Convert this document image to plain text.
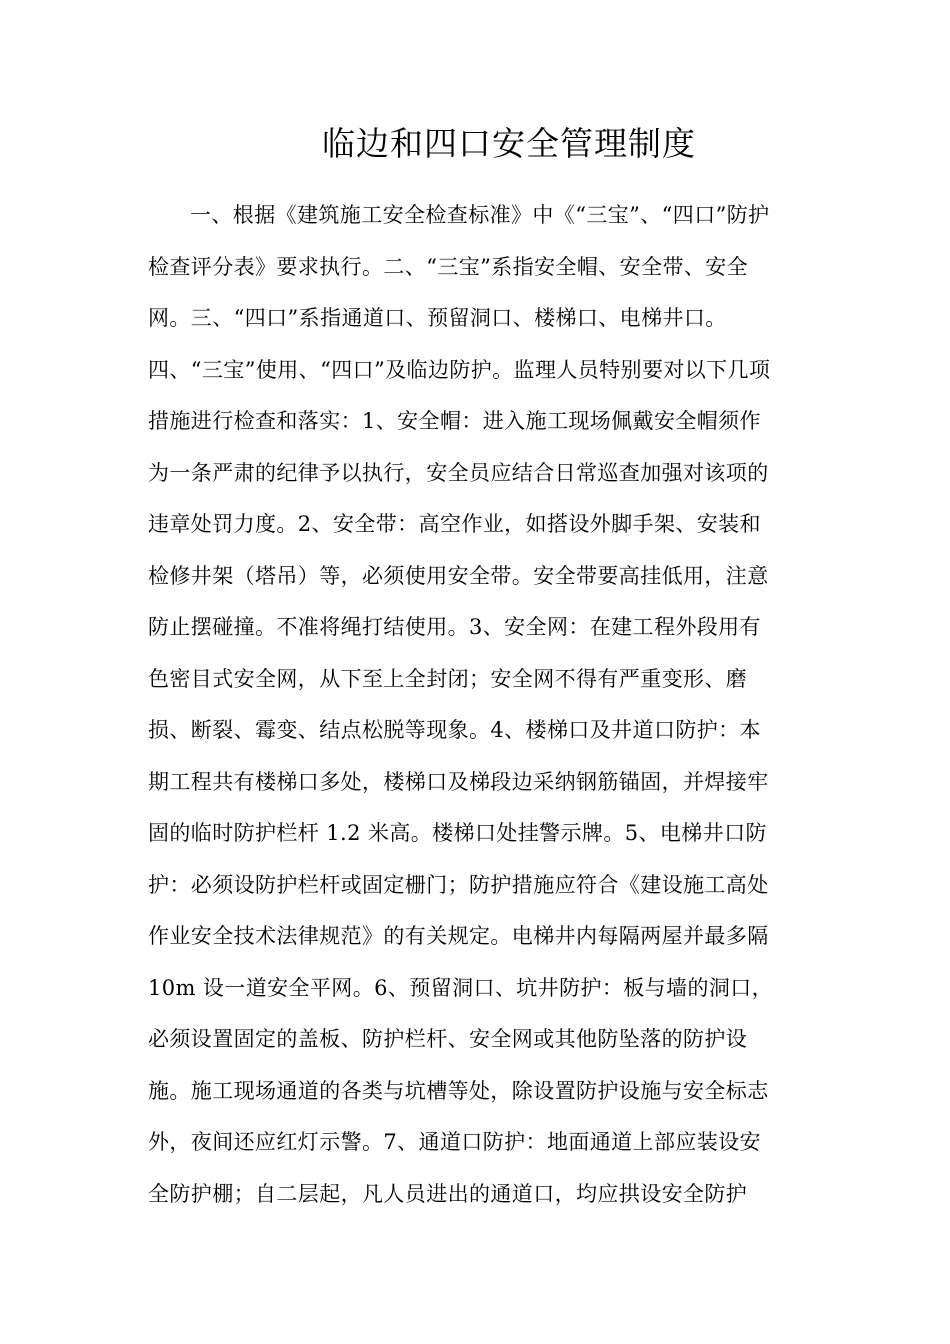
临边和四口安全管理制度
一、根据《建筑施工安全检查标准》中《“三宝”、“四口”防护
检查评分表》要求执行。二、“三宝”系指安全帽、安全带、安全
网。三、“四口”系指通道口、预留洞口、楼梯口、电梯井口。
四、“三宝”使用、“四口”及临边防护。监理人员特别要对以下几项
措施进行检查和落实：1、安全帽：进入施工现场佩戴安全帽须作
为一条严肃的纪律予以执行，安全员应结合日常巡查加强对该项的
违章处罚力度。2、安全带：高空作业，如搭设外脚手架、安装和
检修井架（塔吊）等，必须使用安全带。安全带要高挂低用，注意
防止摆碰撞。不准将绳打结使用。3、安全网：在建工程外段用有
色密目式安全网，从下至上全封闭；安全网不得有严重变形、磨
损、断裂、霉变、结点松脱等现象。4、楼梯口及井道口防护：本
期工程共有楼梯口多处，楼梯口及梯段边采纳钢筋锚固，并焊接牢
固的临时防护栏杆 1.2 米高。楼梯口处挂警示牌。5、电梯井口防
护：必须设防护栏杆或固定栅门；防护措施应符合《建设施工高处
作业安全技术法律规范》的有关规定。电梯井内每隔两屋并最多隔
10m 设一道安全平网。6、预留洞口、坑井防护：板与墙的洞口，
必须设置固定的盖板、防护栏杆、安全网或其他防坠落的防护设
施。施工现场通道的各类与坑槽等处，除设置防护设施与安全标志
外，夜间还应红灯示警。7、通道口防护：地面通道上部应装设安
全防护棚；自二层起，凡人员进出的通道口，均应拱设安全防护
